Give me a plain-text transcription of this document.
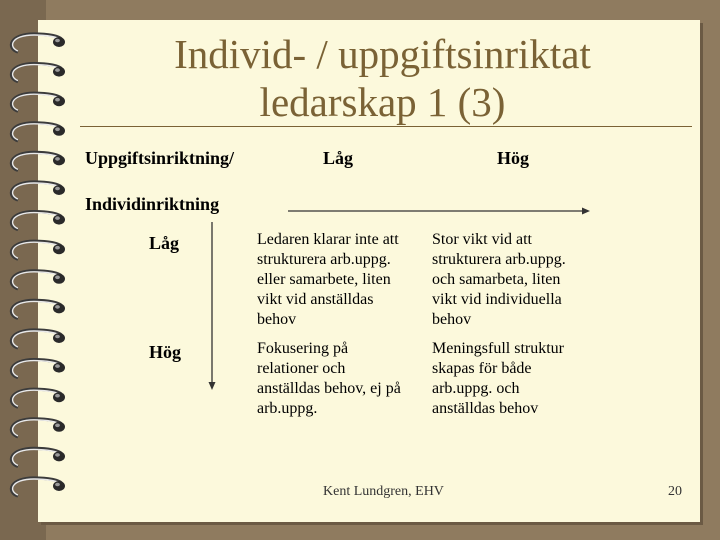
Individ- / uppgiftsinriktat
ledarskap 1 (3)
Uppgiftsinriktning/
Individinriktning
Låg	Hög
Låg
Hög
Ledaren klarar inte att
strukturera arb.uppg.
eller samarbete, liten
vikt vid anställdas
behov
Stor vikt vid att
strukturera arb.uppg.
och samarbeta, liten
vikt vid individuella
behov
Fokusering på
relationer och
anställdas behov, ej på
arb.uppg.
Meningsfull struktur
skapas för både
arb.uppg. och
anställdas behov
Kent Lundgren, EHV	20
